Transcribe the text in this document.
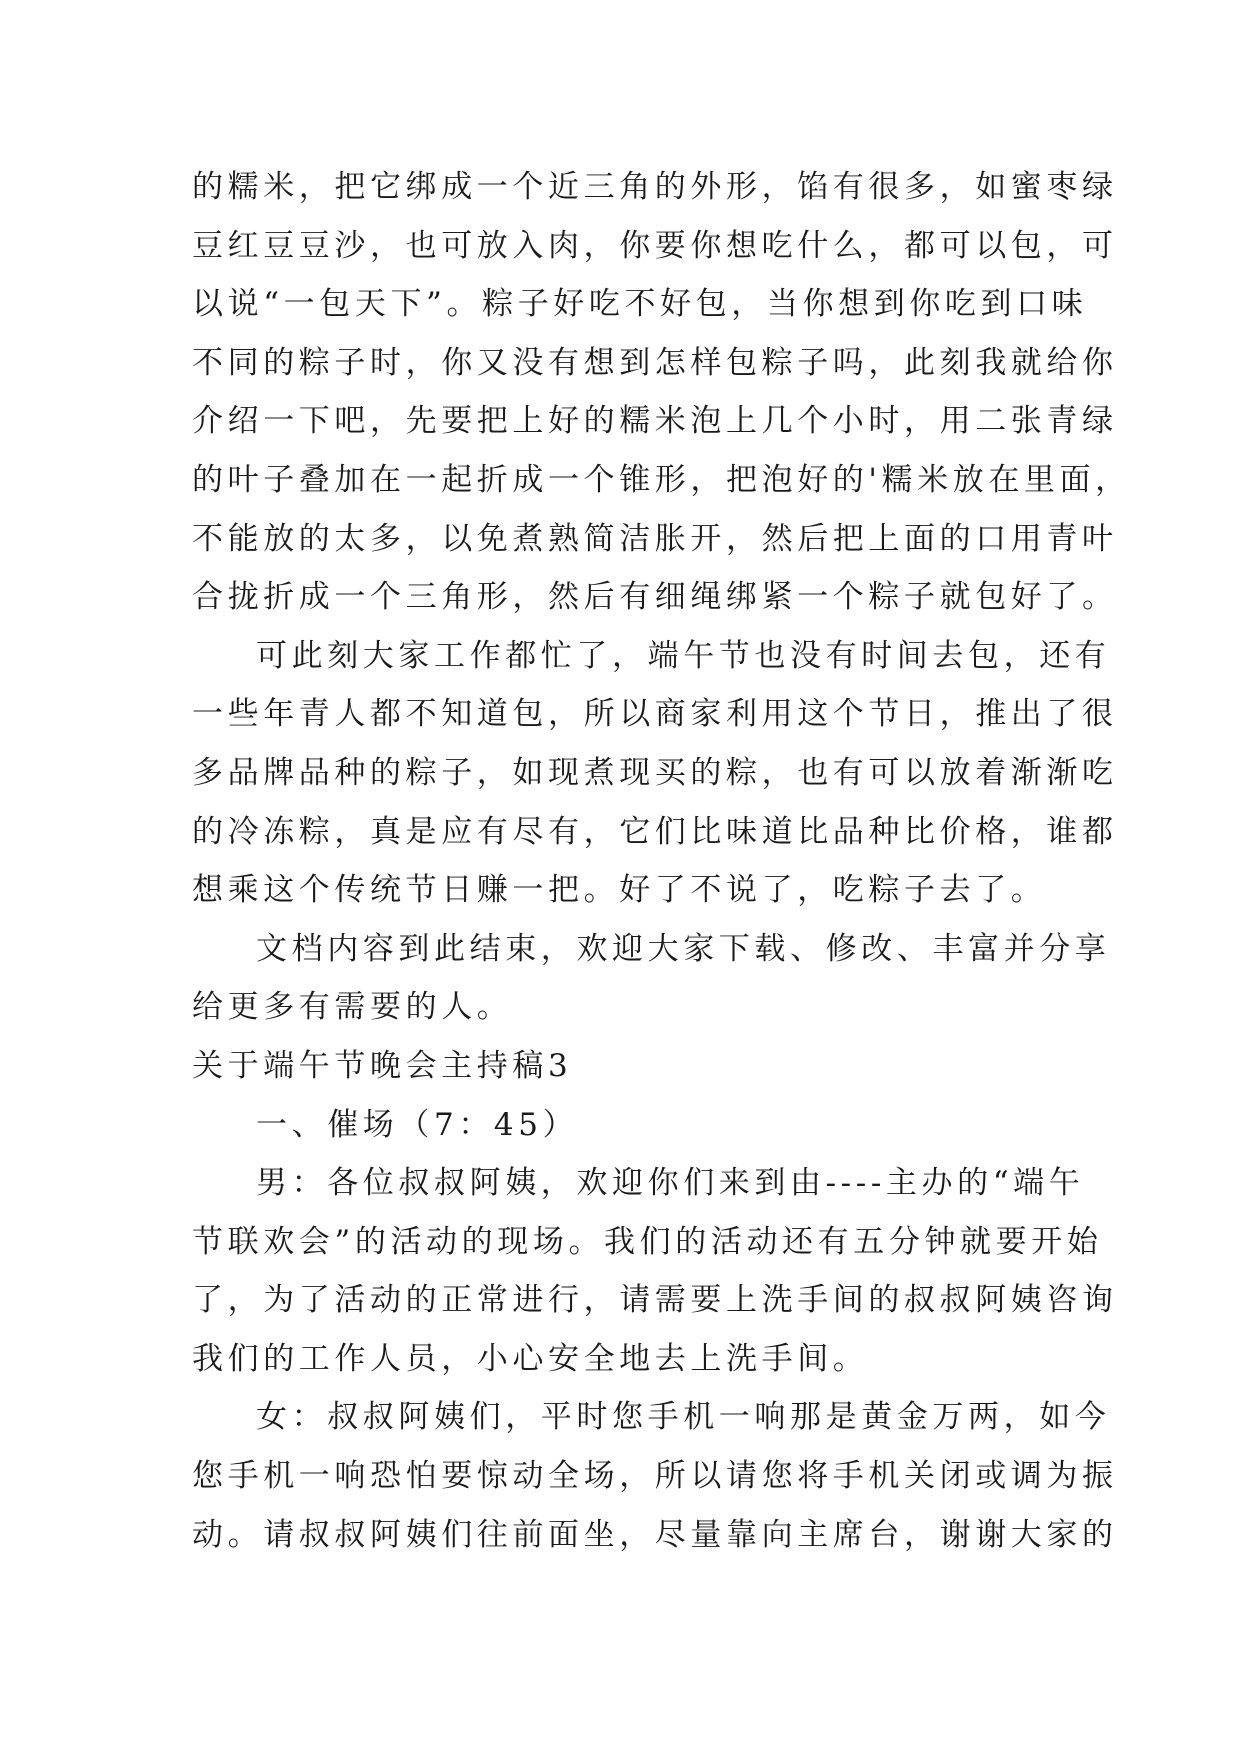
的糯米，把它绑成一个近三角的外形，馅有很多，如蜜枣绿

豆红豆豆沙，也可放入肉，你要你想吃什么，都可以包，可

以说“一包天下”。粽子好吃不好包，当你想到你吃到口味

不同的粽子时，你又没有想到怎样包粽子吗，此刻我就给你

介绍一下吧，先要把上好的糯米泡上几个小时，用二张青绿

的叶子叠加在一起折成一个锥形，把泡好的'糯米放在里面，

不能放的太多，以免煮熟简洁胀开，然后把上面的口用青叶

合拢折成一个三角形，然后有细绳绑紧一个粽子就包好了。

可此刻大家工作都忙了，端午节也没有时间去包，还有

一些年青人都不知道包，所以商家利用这个节日，推出了很

多品牌品种的粽子，如现煮现买的粽，也有可以放着渐渐吃

的冷冻粽，真是应有尽有，它们比味道比品种比价格，谁都

想乘这个传统节日赚一把。好了不说了，吃粽子去了。

文档内容到此结束，欢迎大家下载、修改、丰富并分享

给更多有需要的人。

关于端午节晚会主持稿3

一、催场（7：45）

男：各位叔叔阿姨，欢迎你们来到由----主办的“端午

节联欢会”的活动的现场。我们的活动还有五分钟就要开始

了，为了活动的正常进行，请需要上洗手间的叔叔阿姨咨询

我们的工作人员，小心安全地去上洗手间。

女：叔叔阿姨们，平时您手机一响那是黄金万两，如今

您手机一响恐怕要惊动全场，所以请您将手机关闭或调为振

动。请叔叔阿姨们往前面坐，尽量靠向主席台，谢谢大家的
